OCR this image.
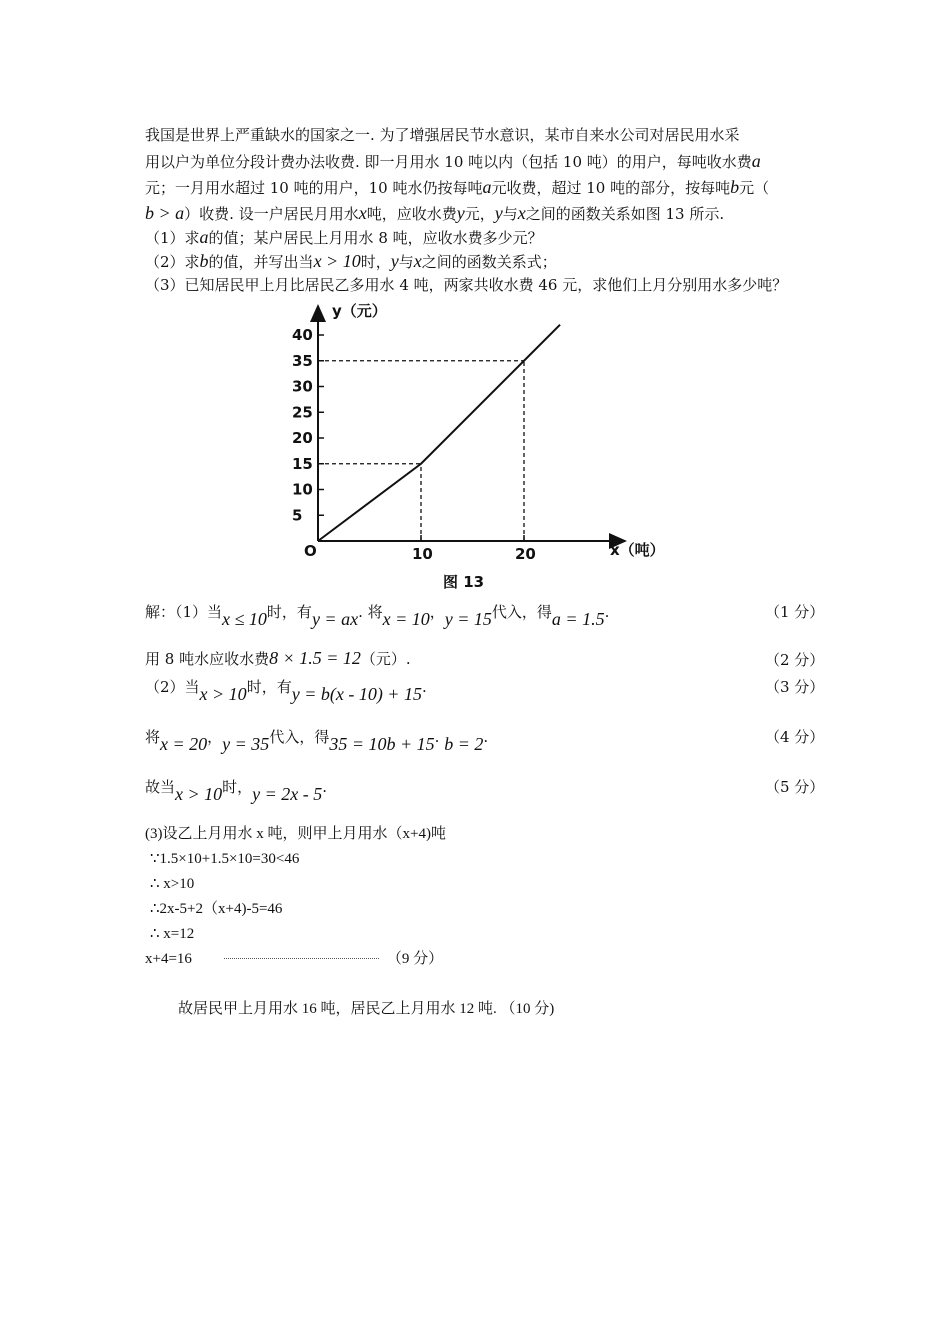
我国是世界上严重缺水的国家之一. 为了增强居民节水意识，某市自来水公司对居民用水采
用以户为单位分段计费办法收费. 即一月用水 10 吨以内（包括 10 吨）的用户，每吨收水费a
元；一月用水超过 10 吨的用户，10 吨水仍按每吨a元收费，超过 10 吨的部分，按每吨b元（
b > a）收费. 设一户居民月用水x吨，应收水费y元，y与x之间的函数关系如图 13 所示.
（1）求a的值；某户居民上月用水 8 吨，应收水费多少元？
（2）求b的值，并写出当x > 10时，y与x之间的函数关系式；
（3）已知居民甲上月比居民乙多用水 4 吨，两家共收水费 46 元，求他们上月分别用水多少吨？
5
10
15
20
25
30
35
40
10	20
y（元）
x（吨）
O
图 13
解：（1）当x ≤ 10时，有y = ax. 将x = 10，y = 15代入，得a = 1.5.	（1 分）
用 8 吨水应收水费8 × 1.5 = 12（元）.	（2 分）
（2）当x > 10时，有y = b(x - 10) + 15.	（3 分）
将x = 20，y = 35代入，得35 = 10b + 15. b = 2.	（4 分）
故当x > 10时，y = 2x - 5.	（5 分）
(3)设乙上月用水 x 吨，则甲上月用水（x+4)吨
∵1.5×10+1.5×10=30<46
∴ x>10
∴2x-5+2（x+4)-5=46
∴ x=12
x+4=16	（9 分）
故居民甲上月用水 16 吨，居民乙上月用水 12 吨. （10 分)
